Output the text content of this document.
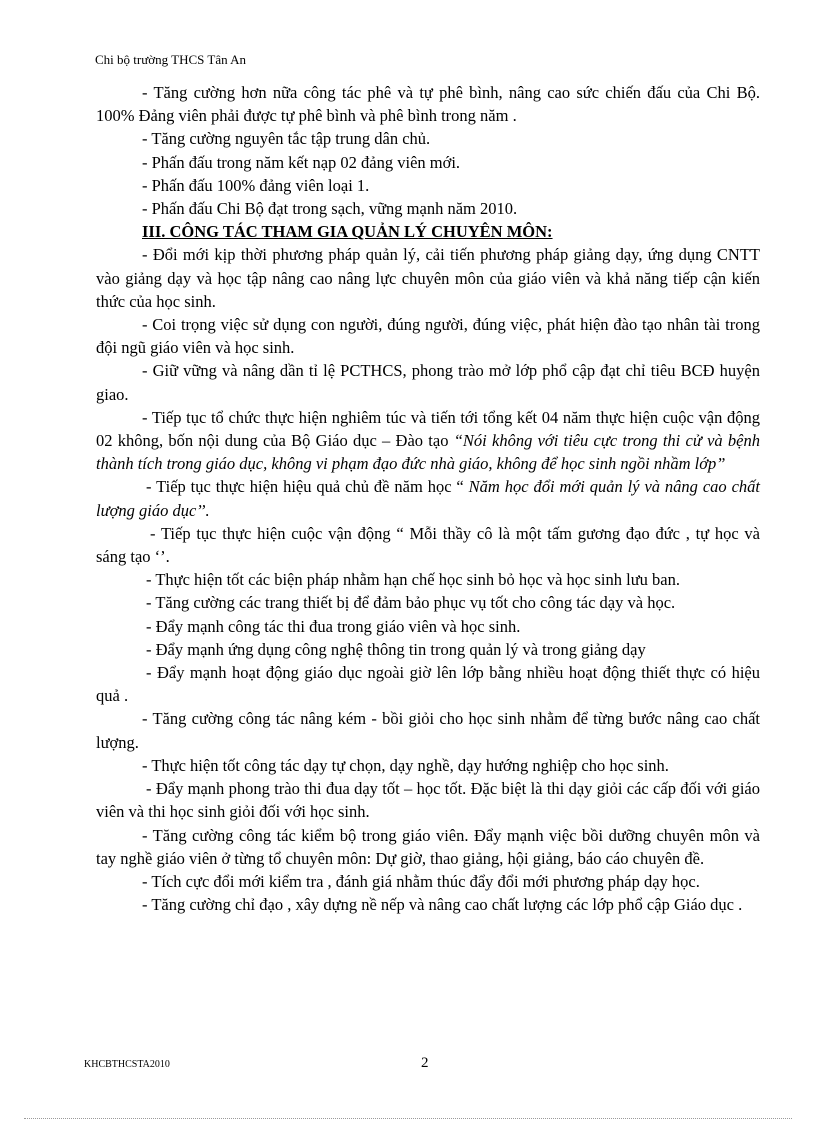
Chi bộ trường THCS Tân An

- Tăng cường hơn nữa công tác phê và tự phê bình, nâng cao sức chiến đấu của Chi Bộ. 100% Đảng viên phải được tự phê bình và phê bình trong năm .

- Tăng cường nguyên tắc tập trung dân chủ.

- Phấn đấu trong năm kết nạp 02 đảng viên mới.

- Phấn đấu 100% đảng viên loại 1.

- Phấn đấu Chi Bộ đạt trong sạch, vững mạnh năm 2010.

III. CÔNG TÁC THAM GIA QUẢN LÝ CHUYÊN MÔN:

- Đổi mới kịp thời phương pháp quản lý, cải tiến phương pháp giảng dạy, ứng dụng CNTT vào giảng dạy và học tập nâng cao nâng lực chuyên môn của giáo viên và khả năng tiếp cận kiến thức của học sinh.

- Coi trọng việc sử dụng con người, đúng người, đúng việc, phát hiện đào tạo nhân tài trong đội ngũ giáo viên và học sinh.

- Giữ vững và nâng dần tỉ lệ PCTHCS, phong trào mở lớp phổ cập đạt chỉ tiêu BCĐ huyện giao.

- Tiếp tục tổ chức thực hiện nghiêm túc và tiến tới tổng kết 04 năm thực hiện cuộc vận động 02 không, bốn nội dung của Bộ Giáo dục – Đào tạo “Nói không với tiêu cực trong thi cử và bệnh thành tích trong giáo dục, không vi phạm đạo đức nhà giáo, không để học sinh ngồi nhầm lớp”

- Tiếp tục thực hiện hiệu quả chủ đề năm học “ Năm học đổi mới quản lý và nâng cao chất lượng giáo dục’’.

- Tiếp tục thực hiện cuộc vận động “ Mỗi thầy cô là một tấm gương đạo đức , tự học và sáng tạo ‘’.

- Thực hiện tốt các biện pháp nhằm hạn chế học sinh bỏ học và học sinh lưu ban.

- Tăng cường các trang thiết bị để đảm bảo phục vụ tốt cho công tác dạy và học.

- Đẩy mạnh công tác thi đua trong giáo viên và học sinh.

- Đẩy mạnh ứng dụng công nghệ thông tin trong quản lý và trong giảng dạy

- Đẩy mạnh hoạt động giáo dục ngoài giờ lên lớp bằng nhiều hoạt động thiết thực có hiệu quả .

- Tăng cường công tác nâng kém - bồi giỏi cho học sinh nhằm để từng bước nâng cao chất lượng.

- Thực hiện tốt công tác dạy tự chọn, dạy nghề, dạy hướng nghiệp cho học sinh.

- Đẩy mạnh phong trào thi đua dạy tốt – học tốt. Đặc biệt là thi dạy giỏi các cấp đối với giáo viên và thi học sinh giỏi đối với học sinh.

- Tăng cường công tác kiểm bộ trong giáo viên. Đẩy mạnh việc bồi dưỡng chuyên môn và tay nghề giáo viên ở từng tổ chuyên môn: Dự giờ, thao giảng, hội giảng, báo cáo chuyên đề.

- Tích cực đổi mới kiểm tra , đánh giá nhằm thúc đẩy đổi mới phương pháp dạy học.

- Tăng cường chỉ đạo , xây dựng nề nếp và nâng cao chất lượng các lớp phổ cập Giáo dục .

KHCBTHCSTA2010	2
